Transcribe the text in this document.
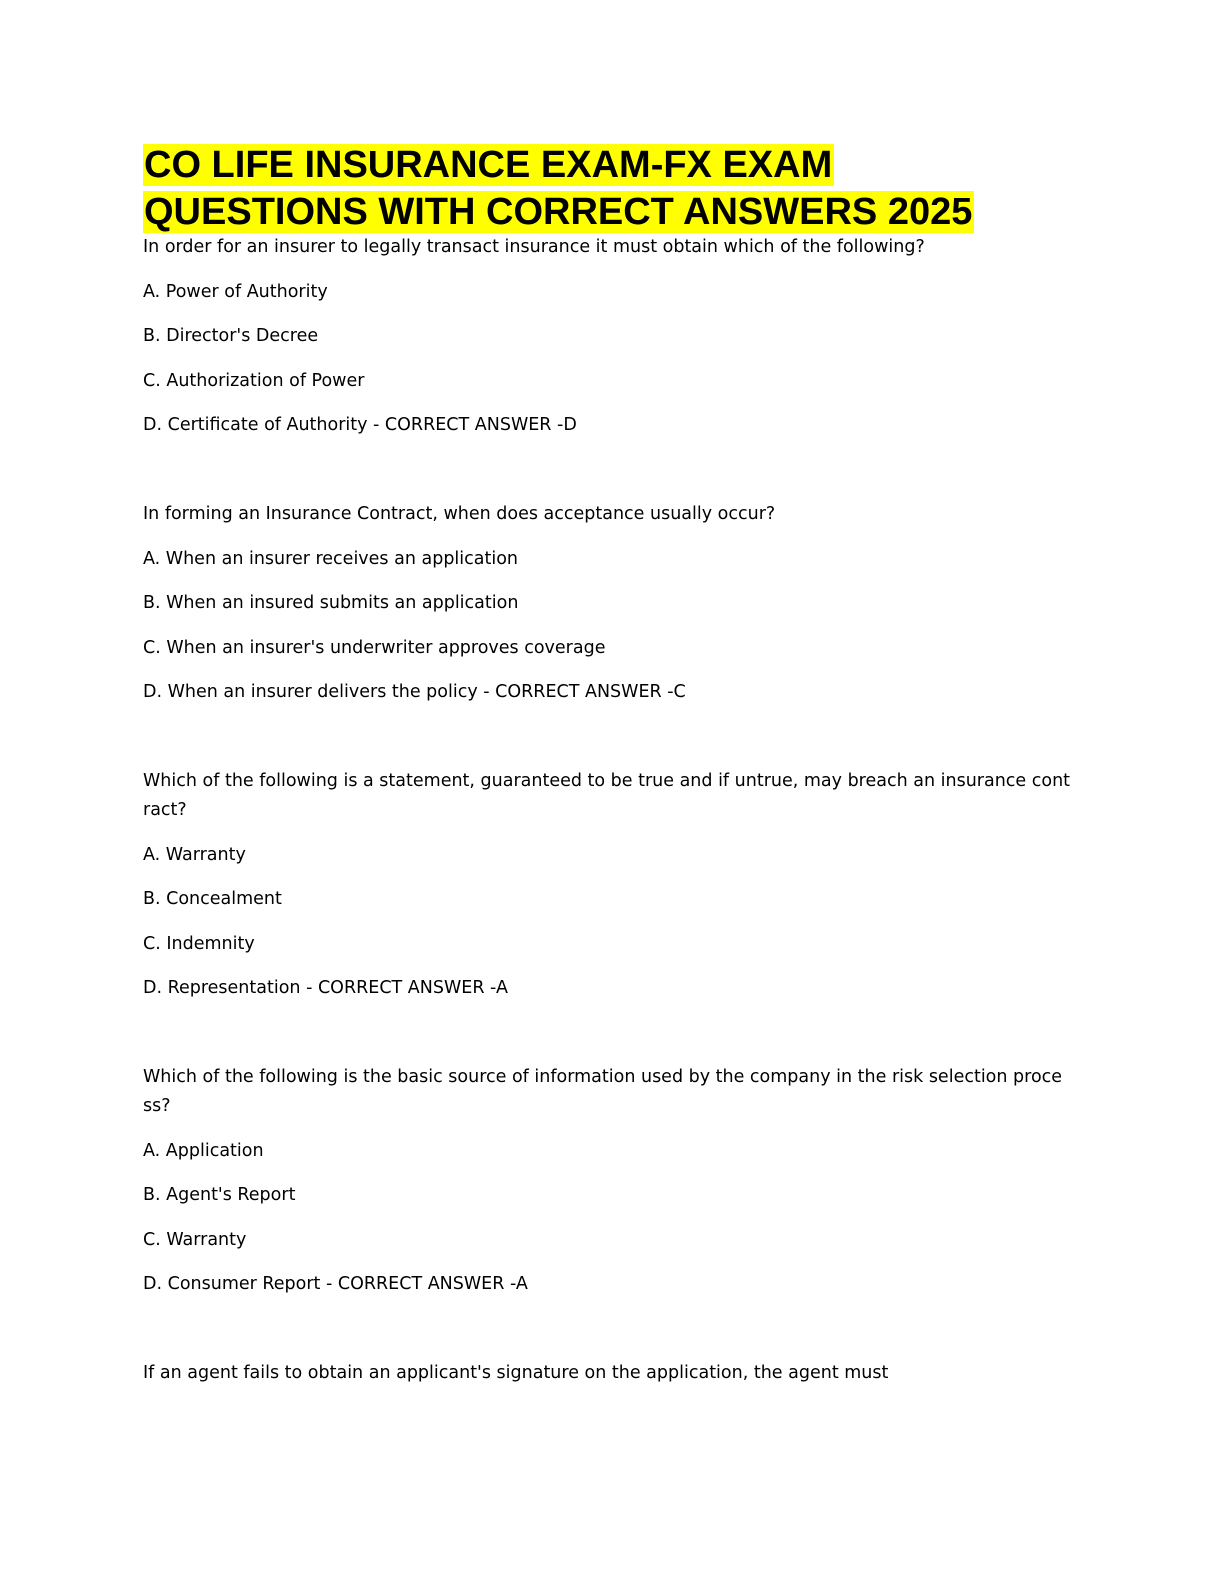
CO LIFE INSURANCE EXAM-FX EXAM
QUESTIONS WITH CORRECT ANSWERS 2025

In order for an insurer to legally transact insurance it must obtain which of the following?

A. Power of Authority

B. Director's Decree

C. Authorization of Power

D. Certificate of Authority - CORRECT ANSWER -D

In forming an Insurance Contract, when does acceptance usually occur?

A. When an insurer receives an application

B. When an insured submits an application

C. When an insurer's underwriter approves coverage

D. When an insurer delivers the policy - CORRECT ANSWER -C

Which of the following is a statement, guaranteed to be true and if untrue, may breach an insurance cont

ract?

A. Warranty

B. Concealment

C. Indemnity

D. Representation - CORRECT ANSWER -A

Which of the following is the basic source of information used by the company in the risk selection proce

ss?

A. Application

B. Agent's Report

C. Warranty

D. Consumer Report - CORRECT ANSWER -A

If an agent fails to obtain an applicant's signature on the application, the agent must
